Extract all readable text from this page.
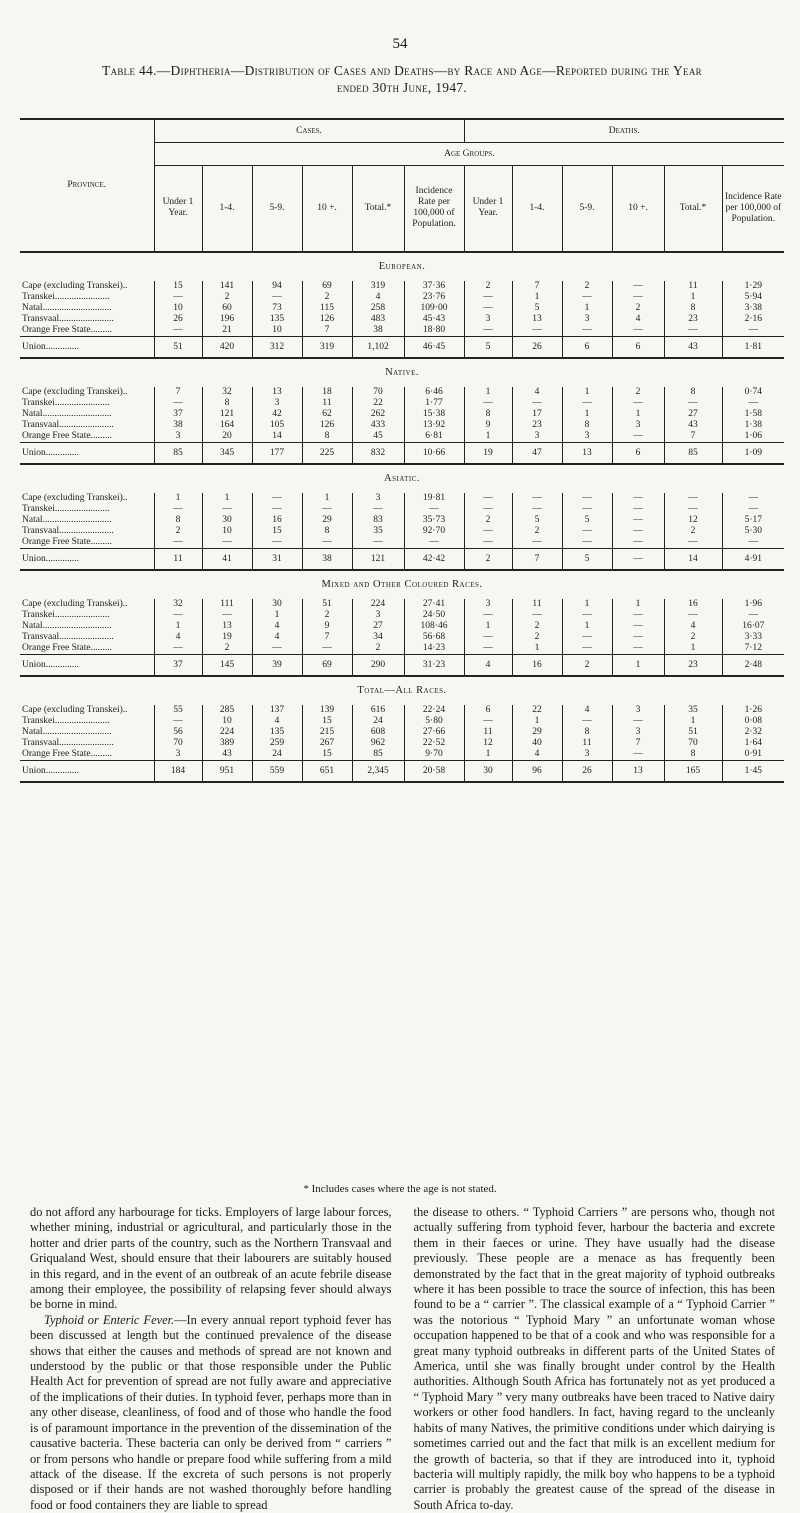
54
Table 44.—Diphtheria—Distribution of Cases and Deaths—by Race and Age—Reported during the Year
ended 30th June, 1947.
Province.	Cases.						Deaths.					
	Age Groups.											
	Under 1 Year.	1-4.	5-9.	10 +.	Total.*	Incidence Rate per 100,000 of Population.	Under 1 Year.	1-4.	5-9.	10 +.	Total.*	Incidence Rate per 100,000 of Population.
European.												
Cape (excluding Transkei)..	15	141	94	69	319	37·36	2	7	2	—	11	1·29
Transkei.......................	—	2	—	2	4	23·76	—	1	—	—	1	5·94
Natal.............................	10	60	73	115	258	109·00	—	5	1	2	8	3·38
Transvaal.......................	26	196	135	126	483	45·43	3	13	3	4	23	2·16
Orange Free State.........	—	21	10	7	38	18·80	—	—	—	—	—	—
Union..............	51	420	312	319	1,102	46·45	5	26	6	6	43	1·81
Native.												
Cape (excluding Transkei)..	7	32	13	18	70	6·46	1	4	1	2	8	0·74
Transkei.......................	—	8	3	11	22	1·77	—	—	—	—	—	—
Natal.............................	37	121	42	62	262	15·38	8	17	1	1	27	1·58
Transvaal.......................	38	164	105	126	433	13·92	9	23	8	3	43	1·38
Orange Free State.........	3	20	14	8	45	6·81	1	3	3	—	7	1·06
Union..............	85	345	177	225	832	10·66	19	47	13	6	85	1·09
Asiatic.												
Cape (excluding Transkei)..	1	1	—	1	3	19·81	—	—	—	—	—	—
Transkei.......................	—	—	—	—	—	—	—	—	—	—	—	—
Natal.............................	8	30	16	29	83	35·73	2	5	5	—	12	5·17
Transvaal.......................	2	10	15	8	35	92·70	—	2	—	—	2	5·30
Orange Free State.........	—	—	—	—	—	—	—	—	—	—	—	—
Union..............	11	41	31	38	121	42·42	2	7	5	—	14	4·91
Mixed and Other Coloured Races.												
Cape (excluding Transkei)..	32	111	30	51	224	27·41	3	11	1	1	16	1·96
Transkei.......................	—	—	1	2	3	24·50	—	—	—	—	—	—
Natal.............................	1	13	4	9	27	108·46	1	2	1	—	4	16·07
Transvaal.......................	4	19	4	7	34	56·68	—	2	—	—	2	3·33
Orange Free State.........	—	2	—	—	2	14·23	—	1	—	—	1	7·12
Union..............	37	145	39	69	290	31·23	4	16	2	1	23	2·48
Total—All Races.												
Cape (excluding Transkei)..	55	285	137	139	616	22·24	6	22	4	3	35	1·26
Transkei.......................	—	10	4	15	24	5·80	—	1	—	—	1	0·08
Natal.............................	56	224	135	215	608	27·66	11	29	8	3	51	2·32
Transvaal.......................	70	389	259	267	962	22·52	12	40	11	7	70	1·64
Orange Free State.........	3	43	24	15	85	9·70	1	4	3	—	8	0·91
Union..............	184	951	559	651	2,345	20·58	30	96	26	13	165	1·45
* Includes cases where the age is not stated.

do not afford any harbourage for ticks. Employers of large labour forces, whether mining, industrial or agricultural, and particularly those in the hotter and drier parts of the country, such as the Northern Transvaal and Griqualand West, should ensure that their labourers are suitably housed in this regard, and in the event of an outbreak of an acute febrile disease among their employee, the possibility of relapsing fever should always be borne in mind.

Typhoid or Enteric Fever.—In every annual report typhoid fever has been discussed at length but the continued prevalence of the disease shows that either the causes and methods of spread are not known and understood by the public or that those responsible under the Public Health Act for prevention of spread are not fully aware and appreciative of the implications of their duties. In typhoid fever, perhaps more than in any other disease, cleanliness, of food and of those who handle the food is of paramount importance in the prevention of the dissemination of the causative bacteria. These bacteria can only be derived from “ carriers ” or from persons who handle or prepare food while suffering from a mild attack of the disease. If the excreta of such persons is not properly disposed or if their hands are not washed thoroughly before handling food or food containers they are liable to spread

the disease to others. “ Typhoid Carriers ” are persons who, though not actually suffering from typhoid fever, harbour the bacteria and excrete them in their faeces or urine. They have usually had the disease previously. These people are a menace as has frequently been demonstrated by the fact that in the great majority of typhoid outbreaks where it has been possible to trace the source of infection, this has been found to be a “ carrier ”. The classical example of a “ Typhoid Carrier ” was the notorious “ Typhoid Mary ” an unfortunate woman whose occupation happened to be that of a cook and who was responsible for a great many typhoid outbreaks in different parts of the United States of America, until she was finally brought under control by the Health authorities. Although South Africa has fortunately not as yet produced a “ Typhoid Mary ” very many outbreaks have been traced to Native dairy workers or other food handlers. In fact, having regard to the uncleanly habits of many Natives, the primitive conditions under which dairying is sometimes carried out and the fact that milk is an excellent medium for the growth of bacteria, so that if they are introduced into it, typhoid bacteria will multiply rapidly, the milk boy who happens to be a typhoid carrier is probably the greatest cause of the spread of the disease in South Africa to-day.
